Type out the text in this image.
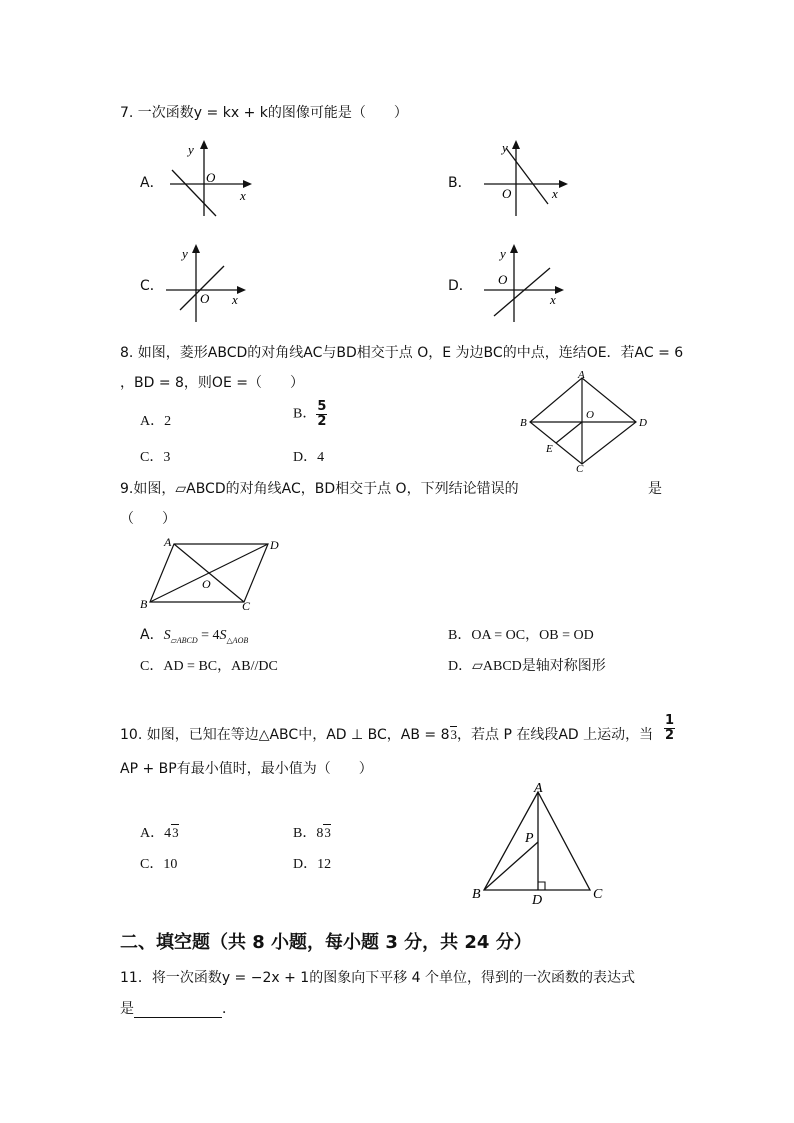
7. 一次函数y = kx + k的图像可能是（　　）
A．
y
O
x
B．
y
O	x
C．
y
O x
D．
y
O
x
8. 如图，菱形ABCD的对角线AC与BD相交于点 O，E 为边BC的中点，连结OE．若AC = 6
，BD = 8，则OE =（　　）
A．2	B． $\frac{5}{2}$
C．3	D．4
A
B
C
D
O
E
9.如图，▱ABCD的对角线AC，BD相交于点 O，下列结论错误的	是
（　　）
A	D
B	C
O
A．$S_{▱ABCD} = 4S_{\triangle AOB}$	B．OA = OC，OB = OD
C．AD = BC，AB//DC	D．▱ABCD是轴对称图形
10. 如图，已知在等边△ABC中，AD ⊥ BC，AB = 83，若点 P 在线段AD 上运动，当 $\frac{1}{2}$
AP + BP有最小值时，最小值为（　　）
A．43	B．83
C．10	D．12
A
B	C
D
P
二、填空题（共 8 小题，每小题 3 分，共 24 分）
11．将一次函数y = −2x + 1的图象向下平移 4 个单位，得到的一次函数的表达式
是	．
